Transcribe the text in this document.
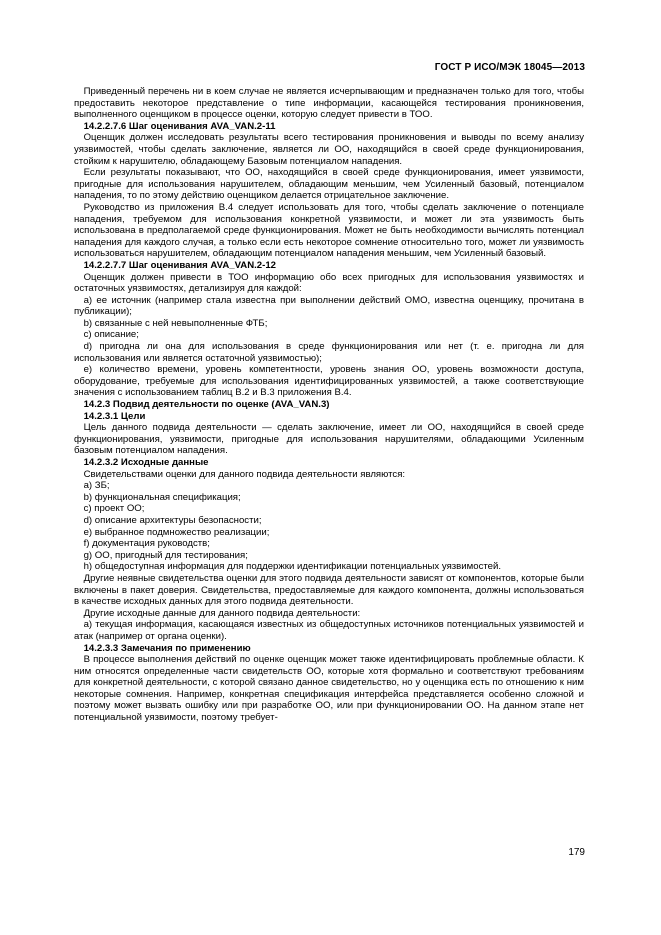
ГОСТ Р ИСО/МЭК 18045—2013

Приведенный перечень ни в коем случае не является исчерпывающим и предназначен только для того, чтобы предоставить некоторое представление о типе информации, касающейся тестирования проникновения, выполненного оценщиком в процессе оценки, которую следует привести в ТОО.

14.2.2.7.6 Шаг оценивания AVA_VAN.2-11

Оценщик должен исследовать результаты всего тестирования проникновения и выводы по всему анализу уязвимостей, чтобы сделать заключение, является ли ОО, находящийся в своей среде функционирования, стойким к нарушителю, обладающему Базовым потенциалом нападения.

Если результаты показывают, что ОО, находящийся в своей среде функционирования, имеет уязвимости, пригодные для использования нарушителем, обладающим меньшим, чем Усиленный базовый, потенциалом нападения, то по этому действию оценщиком делается отрицательное заключение.

Руководство из приложения В.4 следует использовать для того, чтобы сделать заключение о потенциале нападения, требуемом для использования конкретной уязвимости, и может ли эта уязвимость быть использована в предполагаемой среде функционирования. Может не быть необходимости вычислять потенциал нападения для каждого случая, а только если есть некоторое сомнение относительно того, может ли уязвимость использоваться нарушителем, обладающим потенциалом нападения меньшим, чем Усиленный базовый.

14.2.2.7.7 Шаг оценивания AVA_VAN.2-12

Оценщик должен привести в ТОО информацию обо всех пригодных для использования уязвимостях и остаточных уязвимостях, детализируя для каждой:

а) ее источник (например стала известна при выполнении действий ОМО, известна оценщику, прочитана в публикации);

b) связанные с ней невыполненные ФТБ;

c) описание;

d) пригодна ли она для использования в среде функционирования или нет (т. е. пригодна ли для использования или является остаточной уязвимостью);

е) количество времени, уровень компетентности, уровень знания ОО, уровень возможности доступа, оборудование, требуемые для использования идентифицированных уязвимостей, а также соответствующие значения с использованием таблиц В.2 и В.3 приложения В.4.

14.2.3 Подвид деятельности по оценке (AVA_VAN.3)

14.2.3.1 Цели

Цель данного подвида деятельности — сделать заключение, имеет ли ОО, находящийся в своей среде функционирования, уязвимости, пригодные для использования нарушителями, обладающими Усиленным базовым потенциалом нападения.

14.2.3.2 Исходные данные

Свидетельствами оценки для данного подвида деятельности являются:

а) ЗБ;

b) функциональная спецификация;

c) проект ОО;

d) описание архитектуры безопасности;

е) выбранное подмножество реализации;

f) документация руководств;

g) ОО, пригодный для тестирования;

h) общедоступная информация для поддержки идентификации потенциальных уязвимостей.

Другие неявные свидетельства оценки для этого подвида деятельности зависят от компонентов, которые были включены в пакет доверия. Свидетельства, предоставляемые для каждого компонента, должны использоваться в качестве исходных данных для этого подвида деятельности.

Другие исходные данные для данного подвида деятельности:

а) текущая информация, касающаяся известных из общедоступных источников потенциальных уязвимостей и атак (например от органа оценки).

14.2.3.3 Замечания по применению

В процессе выполнения действий по оценке оценщик может также идентифицировать проблемные области. К ним относятся определенные части свидетельств ОО, которые хотя формально и соответствуют требованиям для конкретной деятельности, с которой связано данное свидетельство, но у оценщика есть по отношению к ним некоторые сомнения. Например, конкретная спецификация интерфейса представляется особенно сложной и поэтому может вызвать ошибку или при разработке ОО, или при функционировании ОО. На данном этапе нет потенциальной уязвимости, поэтому требует-

179
